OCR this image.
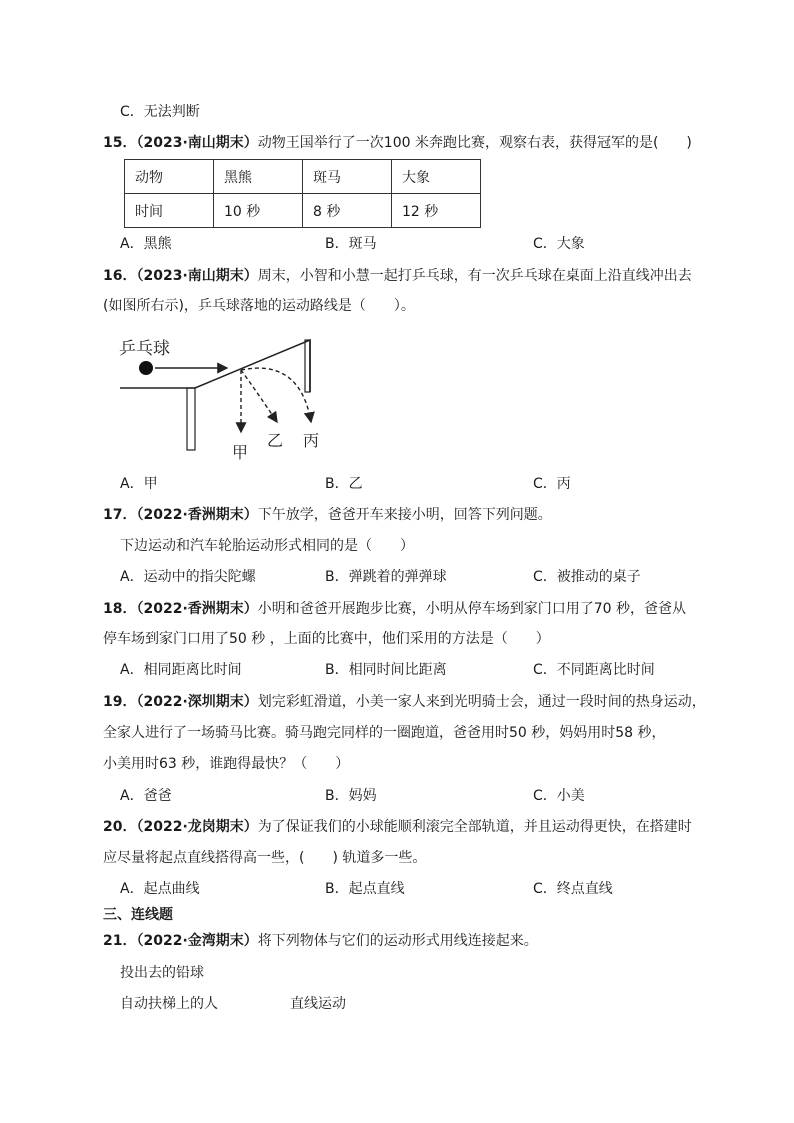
C．无法判断
15．（2023·南山期末）动物王国举行了一次100 米奔跑比赛，观察右表，获得冠军的是(　　)
动物	黑熊	斑马	大象
时间	10 秒	8 秒	12 秒
A．黑熊	B．斑马	C．大象
16．（2023·南山期末）周末，小智和小慧一起打乒乓球，有一次乒乓球在桌面上沿直线冲出去
(如图所右示)，乒乓球落地的运动路线是（　　）。
乒乓球
甲
乙 丙
A．甲	B．乙	C．丙
17．（2022·香洲期末）下午放学，爸爸开车来接小明，回答下列问题。
下边运动和汽车轮胎运动形式相同的是（　　）
A．运动中的指尖陀螺	B．弹跳着的弹弹球	C．被推动的桌子
18．（2022·香洲期末）小明和爸爸开展跑步比赛，小明从停车场到家门口用了70 秒，爸爸从
停车场到家门口用了50 秒 ，上面的比赛中，他们采用的方法是（　　）
A．相同距离比时间	B．相同时间比距离	C．不同距离比时间
19．（2022·深圳期末）划完彩虹滑道，小美一家人来到光明骑士会，通过一段时间的热身运动，
全家人进行了一场骑马比赛。骑马跑完同样的一圈跑道，爸爸用时50 秒，妈妈用时58 秒，
小美用时63 秒，谁跑得最快？（　　）
A．爸爸	B．妈妈	C．小美
20．（2022·龙岗期末）为了保证我们的小球能顺利滚完全部轨道，并且运动得更快，在搭建时
应尽量将起点直线搭得高一些，(　　) 轨道多一些。
A．起点曲线	B．起点直线	C．终点直线
三、连线题
21．（2022·金湾期末）将下列物体与它们的运动形式用线连接起来。
投出去的铅球
自动扶梯上的人	直线运动
